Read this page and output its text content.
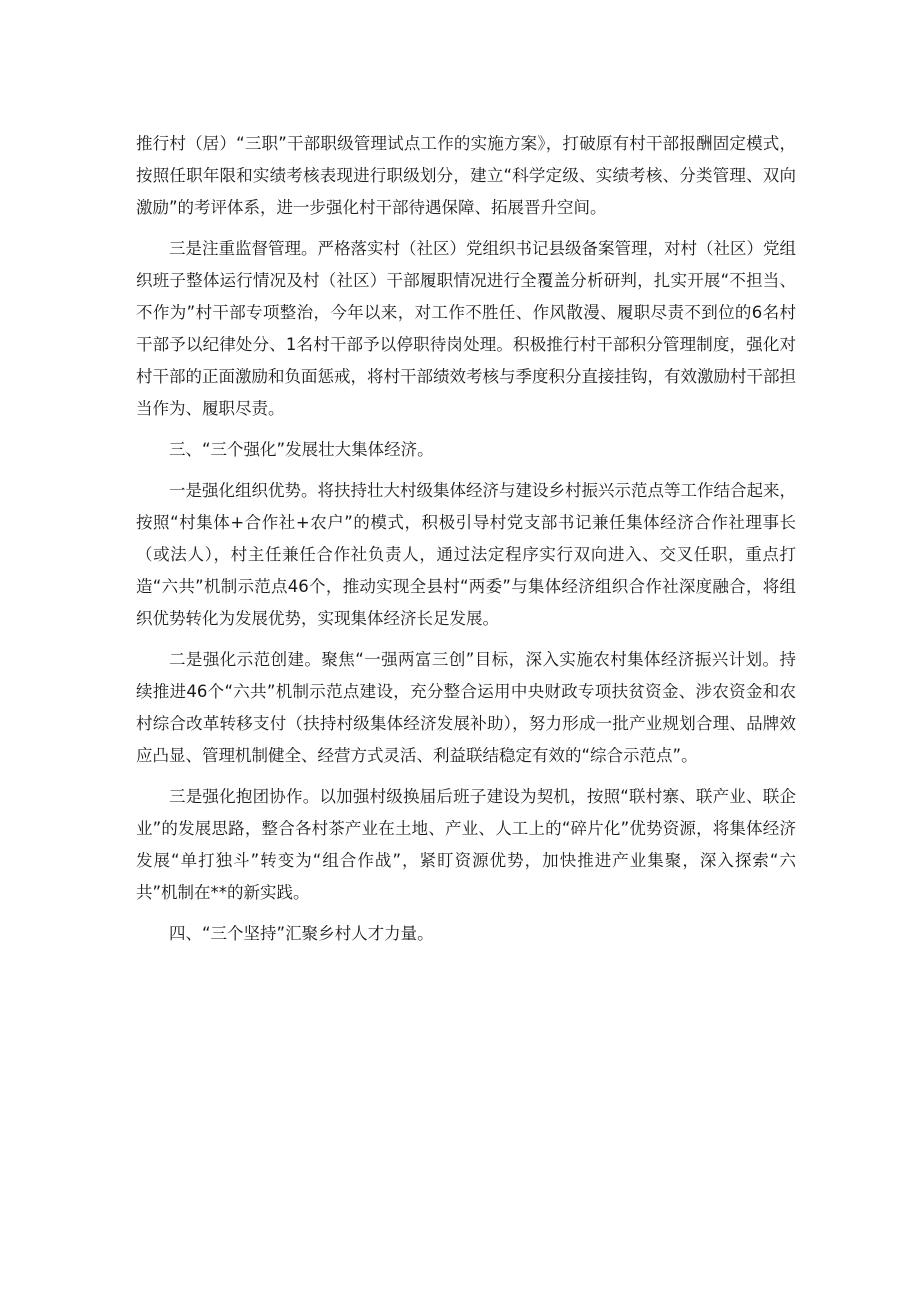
推行村（居）“三职”干部职级管理试点工作的实施方案》，打破原有村干部报酬固定模式，按照任职年限和实绩考核表现进行职级划分，建立“科学定级、实绩考核、分类管理、双向激励”的考评体系，进一步强化村干部待遇保障、拓展晋升空间。

三是注重监督管理。严格落实村（社区）党组织书记县级备案管理，对村（社区）党组织班子整体运行情况及村（社区）干部履职情况进行全覆盖分析研判，扎实开展“不担当、不作为”村干部专项整治，今年以来，对工作不胜任、作风散漫、履职尽责不到位的6名村干部予以纪律处分、1名村干部予以停职待岗处理。积极推行村干部积分管理制度，强化对村干部的正面激励和负面惩戒，将村干部绩效考核与季度积分直接挂钩，有效激励村干部担当作为、履职尽责。

三、“三个强化”发展壮大集体经济。

一是强化组织优势。将扶持壮大村级集体经济与建设乡村振兴示范点等工作结合起来，按照“村集体+合作社+农户”的模式，积极引导村党支部书记兼任集体经济合作社理事长（或法人），村主任兼任合作社负责人，通过法定程序实行双向进入、交叉任职，重点打造“六共”机制示范点46个，推动实现全县村“两委”与集体经济组织合作社深度融合，将组织优势转化为发展优势，实现集体经济长足发展。

二是强化示范创建。聚焦“一强两富三创”目标，深入实施农村集体经济振兴计划。持续推进46个“六共”机制示范点建设，充分整合运用中央财政专项扶贫资金、涉农资金和农村综合改革转移支付（扶持村级集体经济发展补助），努力形成一批产业规划合理、品牌效应凸显、管理机制健全、经营方式灵活、利益联结稳定有效的“综合示范点”。

三是强化抱团协作。以加强村级换届后班子建设为契机，按照“联村寨、联产业、联企业”的发展思路，整合各村茶产业在土地、产业、人工上的“碎片化”优势资源，将集体经济发展“单打独斗”转变为“组合作战”，紧盯资源优势，加快推进产业集聚，深入探索“六共”机制在**的新实践。

四、“三个坚持”汇聚乡村人才力量。
